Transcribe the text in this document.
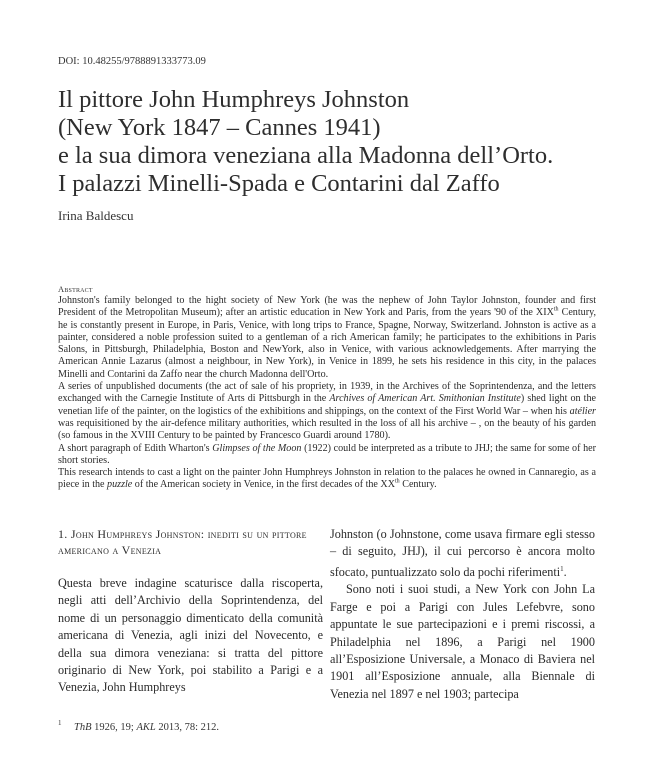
DOI: 10.48255/9788891333773.09
Il pittore John Humphreys Johnston
(New York 1847 – Cannes 1941)
e la sua dimora veneziana alla Madonna dell’Orto.
I palazzi Minelli-Spada e Contarini dal Zaffo
Irina Baldescu
Abstract

Johnston's family belonged to the hight society of New York (he was the nephew of John Taylor Johnston, founder and first President of the Metropolitan Museum); after an artistic education in New York and Paris, from the years '90 of the XIXth Century, he is constantly present in Europe, in Paris, Venice, with long trips to France, Spagne, Norway, Switzerland. Johnston is active as a painter, considered a noble profession suited to a gentleman of a rich American family; he participates to the exhibitions in Paris Salons, in Pittsburgh, Philadelphia, Boston and NewYork, also in Venice, with various acknowledgements. After marrying the American Annie Lazarus (almost a neighbour, in New York), in Venice in 1899, he sets his residence in this city, in the palaces Minelli and Contarini da Zaffo near the church Madonna dell'Orto.

A series of unpublished documents (the act of sale of his propriety, in 1939, in the Archives of the Soprintendenza, and the letters exchanged with the Carnegie Institute of Arts di Pittsburgh in the Archives of American Art. Smithonian Institute) shed light on the venetian life of the painter, on the logistics of the exhibitions and shippings, on the context of the First World War – when his atélier was requisitioned by the air-defence military authorities, which resulted in the loss of all his archive – , on the beauty of his garden (so famous in the XVIII Century to be painted by Francesco Guardi around 1780).

A short paragraph of Edith Wharton's Glimpses of the Moon (1922) could be interpreted as a tribute to JHJ; the same for some of her short stories.

This research intends to cast a light on the painter John Humphreys Johnston in relation to the palaces he owned in Cannaregio, as a piece in the puzzle of the American society in Venice, in the first decades of the XXth Century.

1. John Humphreys Johnston: inediti su un pittore americano a Venezia

Questa breve indagine scaturisce dalla riscoperta, negli atti dell’Archivio della Soprintendenza, del nome di un personaggio dimenticato della comunità americana di Venezia, agli inizi del Novecento, e della sua dimora veneziana: si tratta del pittore originario di New York, poi stabilito a Parigi e a Venezia, John Humphreys

Johnston (o Johnstone, come usava firmare egli stesso – di seguito, JHJ), il cui percorso è ancora molto sfocato, puntualizzato solo da pochi riferimenti$^1$.

Sono noti i suoi studi, a New York con John La Farge e poi a Parigi con Jules Lefebvre, sono appuntate le sue partecipazioni e i premi riscossi, a Philadelphia nel 1896, a Parigi nel 1900 all’Esposizione Universale, a Monaco di Baviera nel 1901 all’Esposizione annuale, alla Biennale di Venezia nel 1897 e nel 1903; partecipa

1 ThB 1926, 19; AKL 2013, 78: 212.
